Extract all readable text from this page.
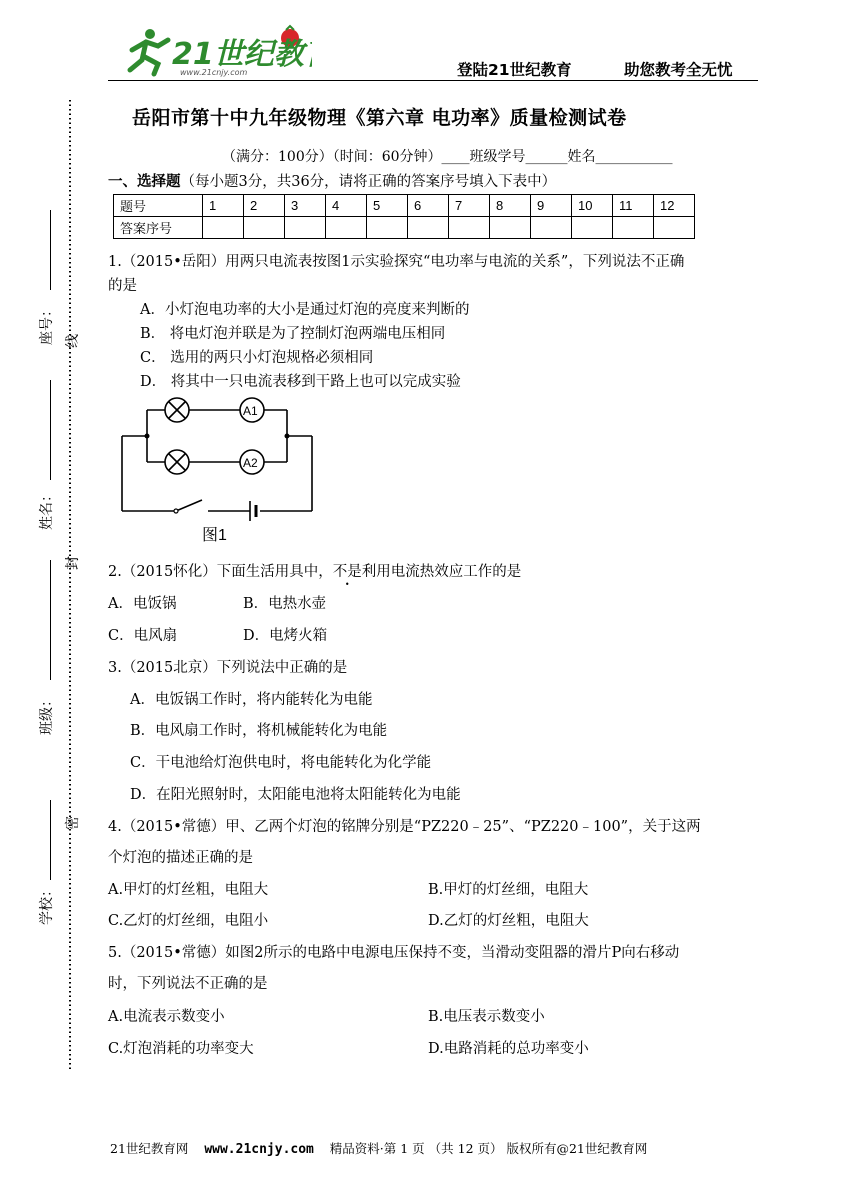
21世纪教
www.21cnjy.com	登陆21世纪教育	助您教考全无忧
座号：
姓名：
班级：
学校：
线
封
密
岳阳市第十中九年级物理《第六章 电功率》质量检测试卷
（满分：100分）（时间：60分钟）____班级学号______姓名___________
一、选择题（每小题3分，共36分，请将正确的答案序号填入下表中）
题号	1	2	3	4	5	6	7	8	9	10	11	12
答案序号												
1.（2015•岳阳）用两只电流表按图1示实验探究“电功率与电流的关系”，下列说法不正确
的是
A．小灯泡电功率的大小是通过灯泡的亮度来判断的
B． 将电灯泡并联是为了控制灯泡两端电压相同
C． 选用的两只小灯泡规格必须相同
D． 将其中一只电流表移到干路上也可以完成实验
A1
A2
图1
2.（2015怀化）下面生活用具中，不是利用电流热效应工作的是
A．电饭锅	B．电热水壶
C．电风扇	D．电烤火箱
3.（2015北京）下列说法中正确的是
A．电饭锅工作时，将内能转化为电能
B．电风扇工作时，将机械能转化为电能
C．干电池给灯泡供电时，将电能转化为化学能
D．在阳光照射时，太阳能电池将太阳能转化为电能
4.（2015•常德）甲、乙两个灯泡的铭牌分别是“PZ220﹣25”、“PZ220﹣100”，关于这两
个灯泡的描述正确的是
A.甲灯的灯丝粗，电阻大	B.甲灯的灯丝细，电阻大
C.乙灯的灯丝细，电阻小	D.乙灯的灯丝粗，电阻大
5.（2015•常德）如图2所示的电路中电源电压保持不变，当滑动变阻器的滑片P向右移动
时，下列说法不正确的是
A.电流表示数变小	B.电压表示数变小
C.灯泡消耗的功率变大	D.电路消耗的总功率变小
21世纪教育网 www.21cnjy.com 精品资料·第 1 页 （共 12 页） 版权所有@21世纪教育网
